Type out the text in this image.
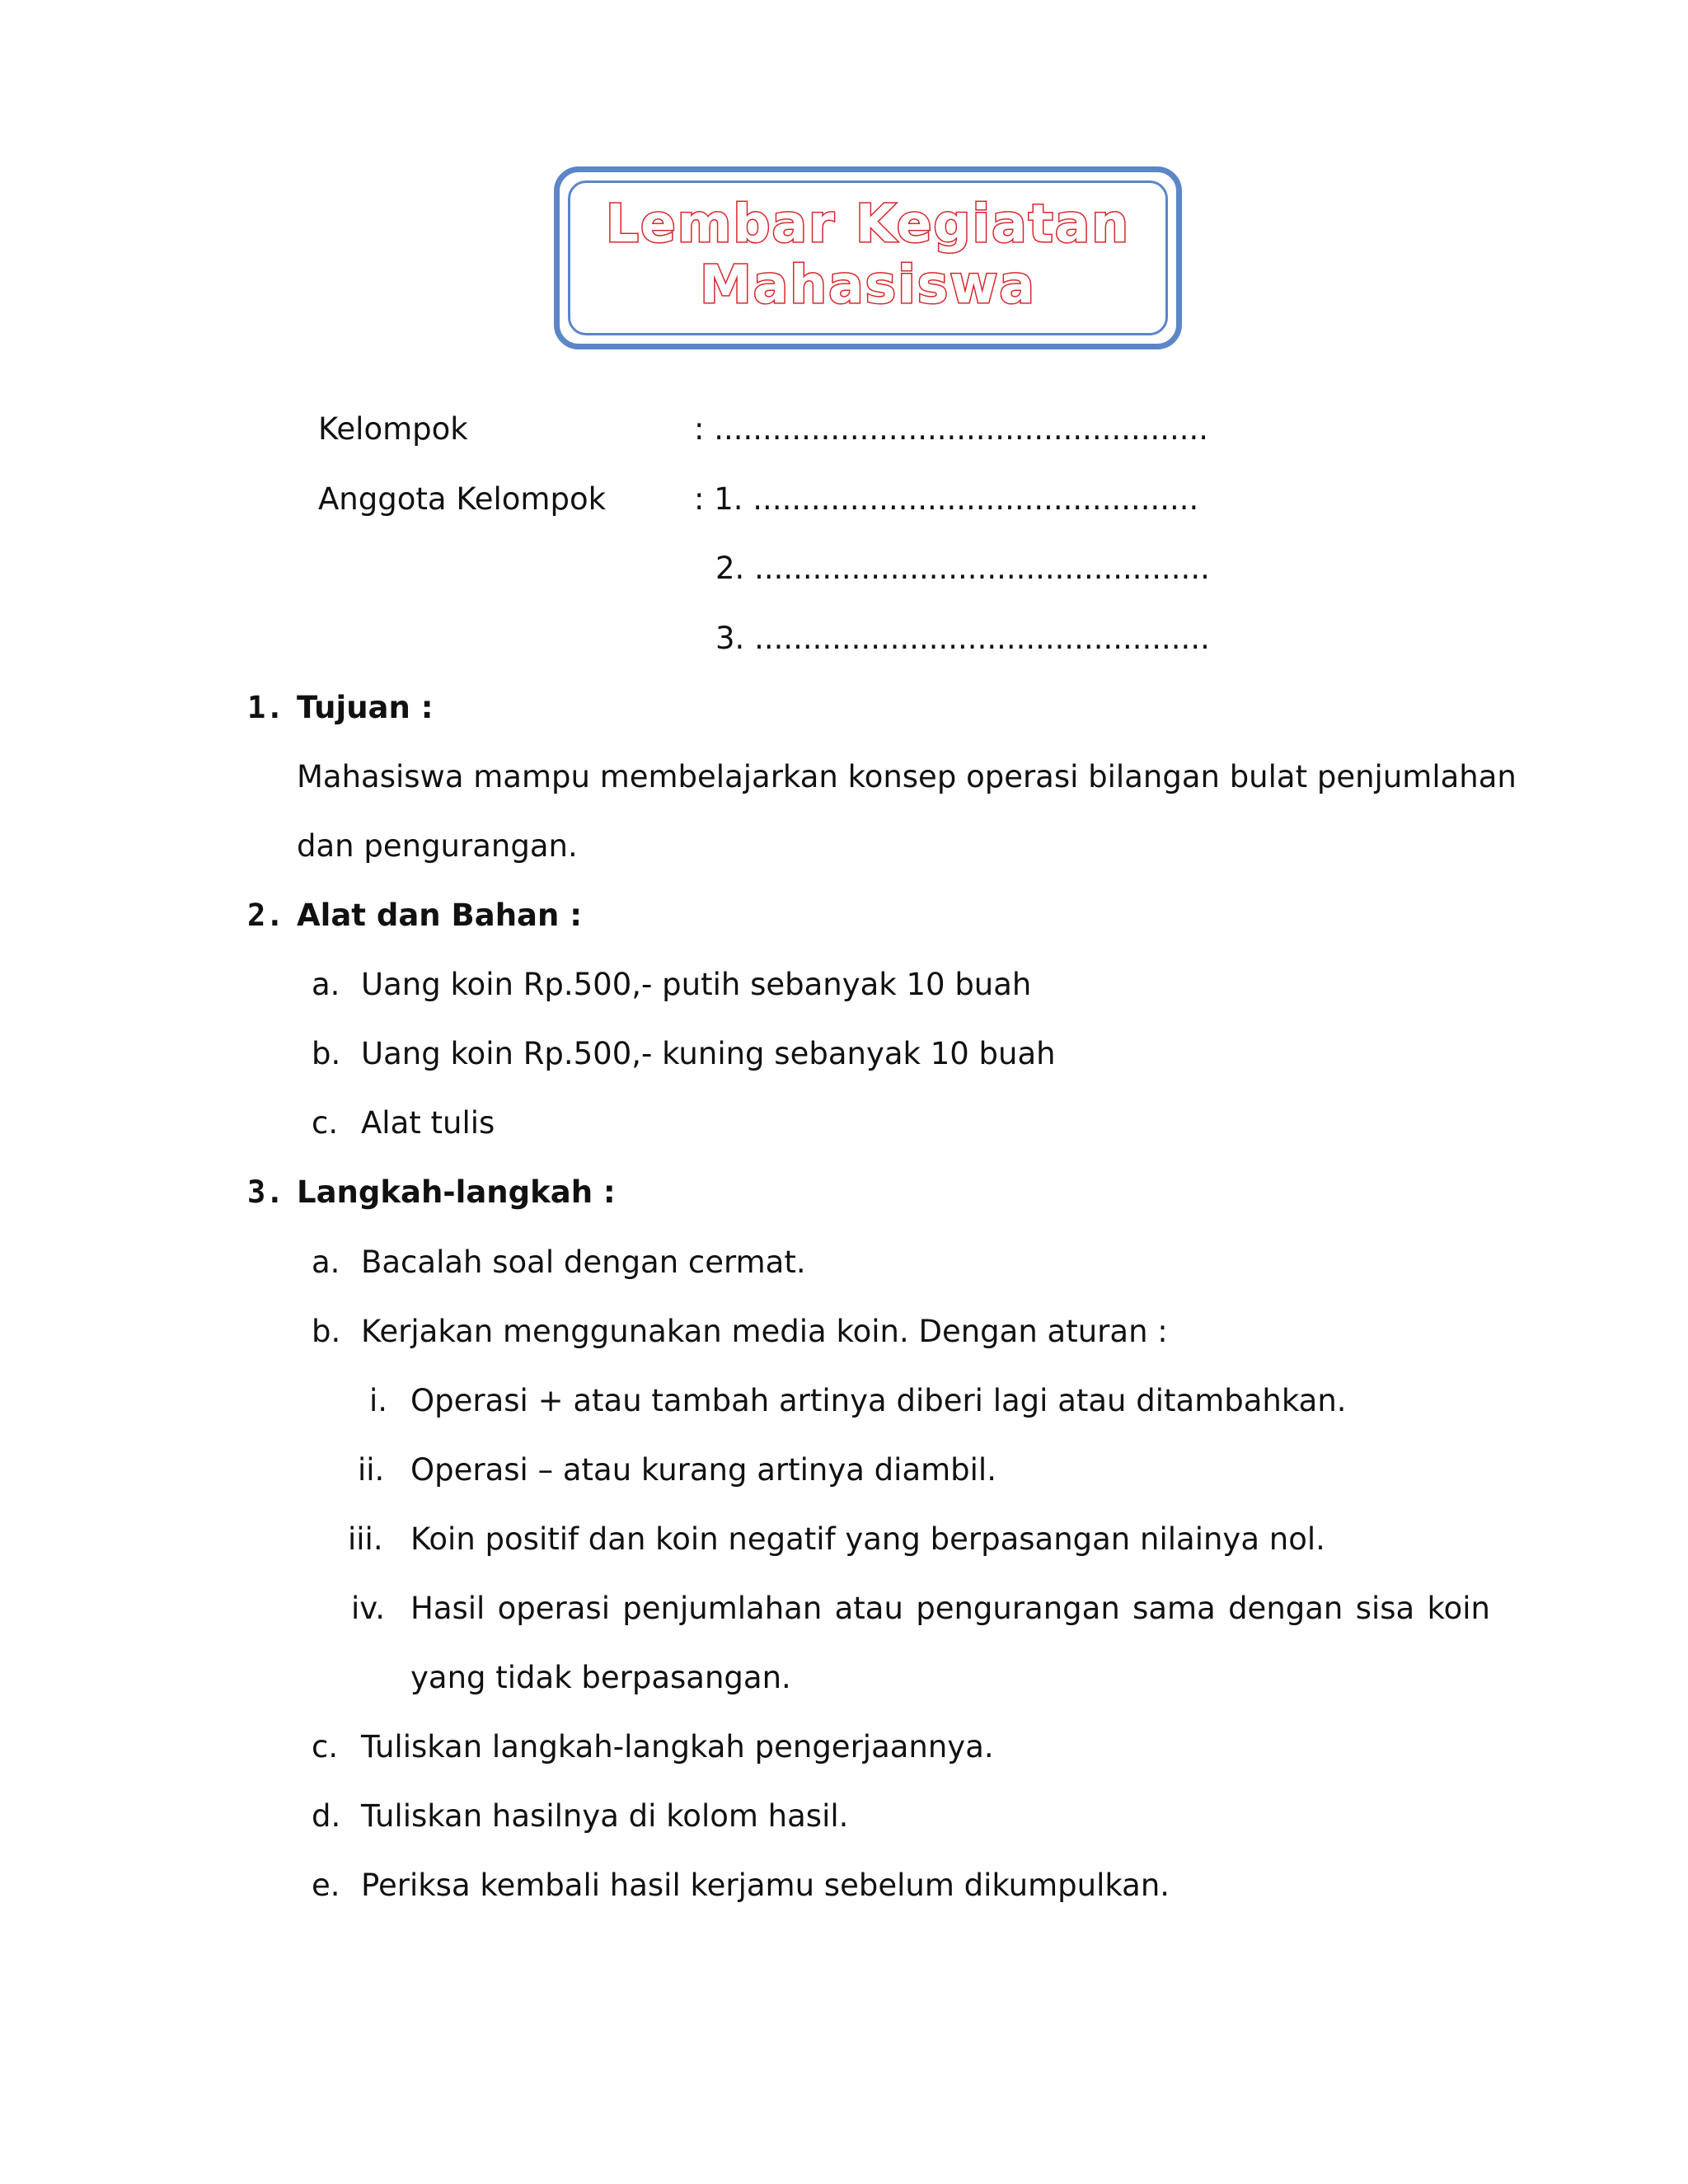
Lembar Kegiatan
Mahasiswa
Kelompok	: ...................................................
Anggota Kelompok	: 1. ..............................................
2. ...............................................
3. ...............................................
1. Tujuan :
Mahasiswa mampu membelajarkan konsep operasi bilangan bulat penjumlahan
dan pengurangan.
2. Alat dan Bahan :
a. Uang koin Rp.500,- putih sebanyak 10 buah
b. Uang koin Rp.500,- kuning sebanyak 10 buah
c. Alat tulis
3. Langkah-langkah :
a. Bacalah soal dengan cermat.
b. Kerjakan menggunakan media koin. Dengan aturan :
i. Operasi + atau tambah artinya diberi lagi atau ditambahkan.
ii. Operasi – atau kurang artinya diambil.
iii. Koin positif dan koin negatif yang berpasangan nilainya nol.
iv. Hasil operasi penjumlahan atau pengurangan sama dengan sisa koin
yang tidak berpasangan.
c. Tuliskan langkah-langkah pengerjaannya.
d. Tuliskan hasilnya di kolom hasil.
e. Periksa kembali hasil kerjamu sebelum dikumpulkan.
